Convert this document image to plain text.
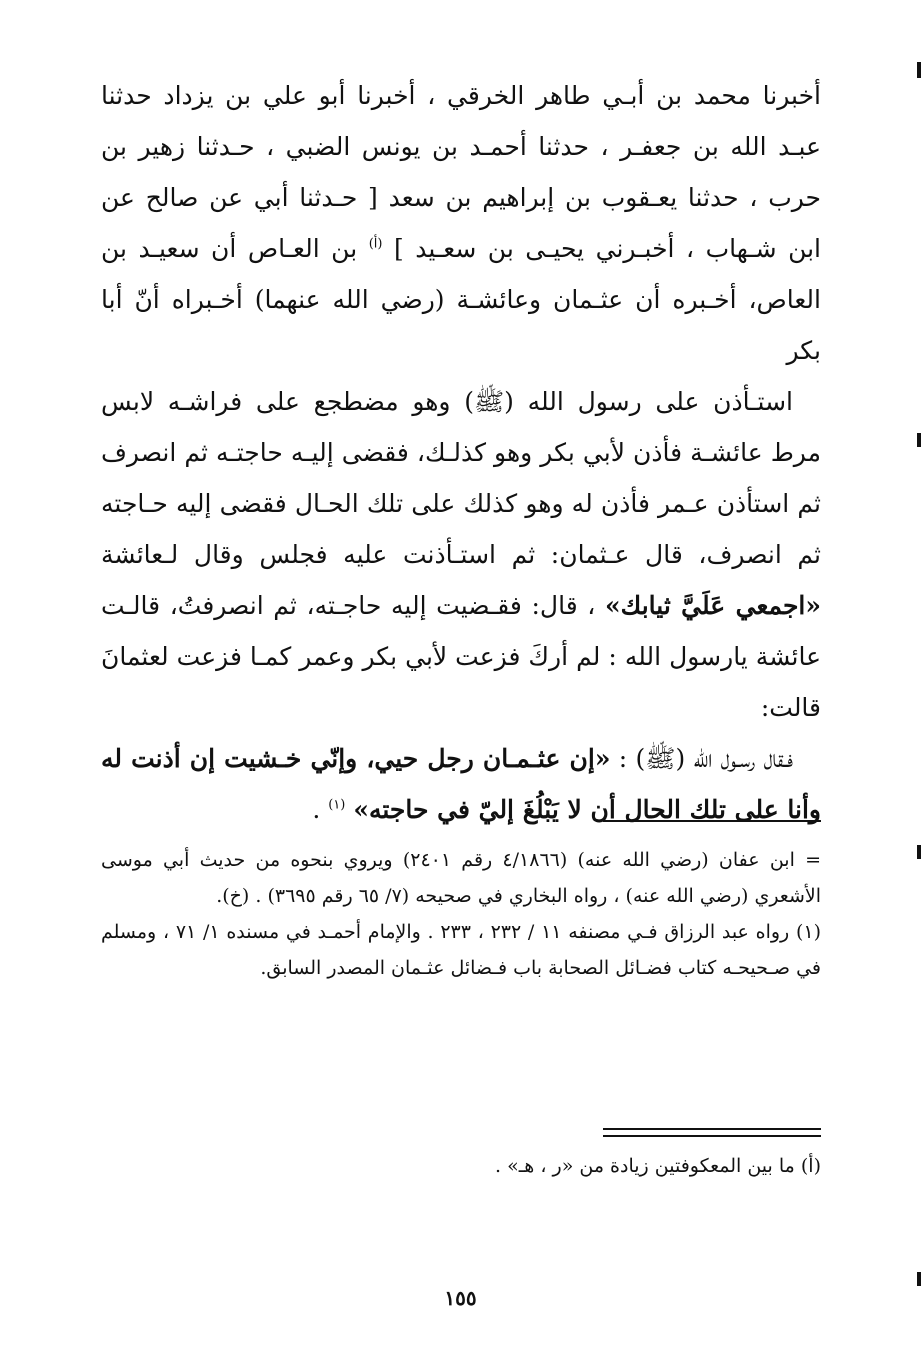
أخبرنا محمد بن أبـي طاهر الخرقي ، أخبرنا أبو علي بن يزداد حدثنا عبـد الله بن جعفـر ، حدثنا أحمـد بن يونس الضبي ، حـدثنا زهير بن حرب ، حدثنا يعـقوب بن إبراهيم بن سعد [ حـدثنا أبي عن صالح عن ابن شـهاب ، أخبـرني يحيـى بن سعـيد ] $^{(أ)}$ بن العـاص أن سعيـد بن العاص، أخـبره أن عثـمان وعائشـة (رضي الله عنهما) أخـبراه أنّ أبا بكر

استـأذن على رسول الله (ﷺ) وهو مضطجع على فراشـه لابس مرط عائشـة فأذن لأبي بكر وهو كذلـك، فقضى إليـه حاجتـه ثم انصرف ثم استأذن عـمر فأذن له وهو كذلك على تلك الحـال فقضى إليه حـاجته ثم انصرف، قال عـثمان: ثم استـأذنت عليه فجلس وقال لـعائشة «اجمعي عَلَيَّ ثيابك» ، قال: فقـضيت إليه حاجـته، ثم انصرفتُ، قالـت عائشة يارسول الله : لم أركَ فزعت لأبي بكر وعمر كمـا فزعت لعثمانَ قالت:

فـقال رسـول الله (ﷺ) : «إن عثـمـان رجل حيي، وإنّي خـشيت إن أذنت له وأنا على تلك الحال أن لا يَبْلُغَ إليّ في حاجته» $^{(١)}$ .

= ابن عفان (رضي الله عنه) (٤/١٨٦٦ رقم ٢٤٠١) ويروي بنحوه من حديث أبي موسى الأشعري (رضي الله عنه) ، رواه البخاري في صحيحه (٧/ ٦٥ رقم ٣٦٩٥) . (خ).

(١) رواه عبد الرزاق فـي مصنفه ١١ / ٢٣٢ ، ٢٣٣ . والإمام أحمـد في مسنده ١/ ٧١ ، ومسلم في صـحيحـه كتاب فضـائل الصحابة باب فـضائل عثـمان المصدر السابق.

(أ) ما بين المعكوفتين زيادة من «ر ، هـ» .
١٥٥
